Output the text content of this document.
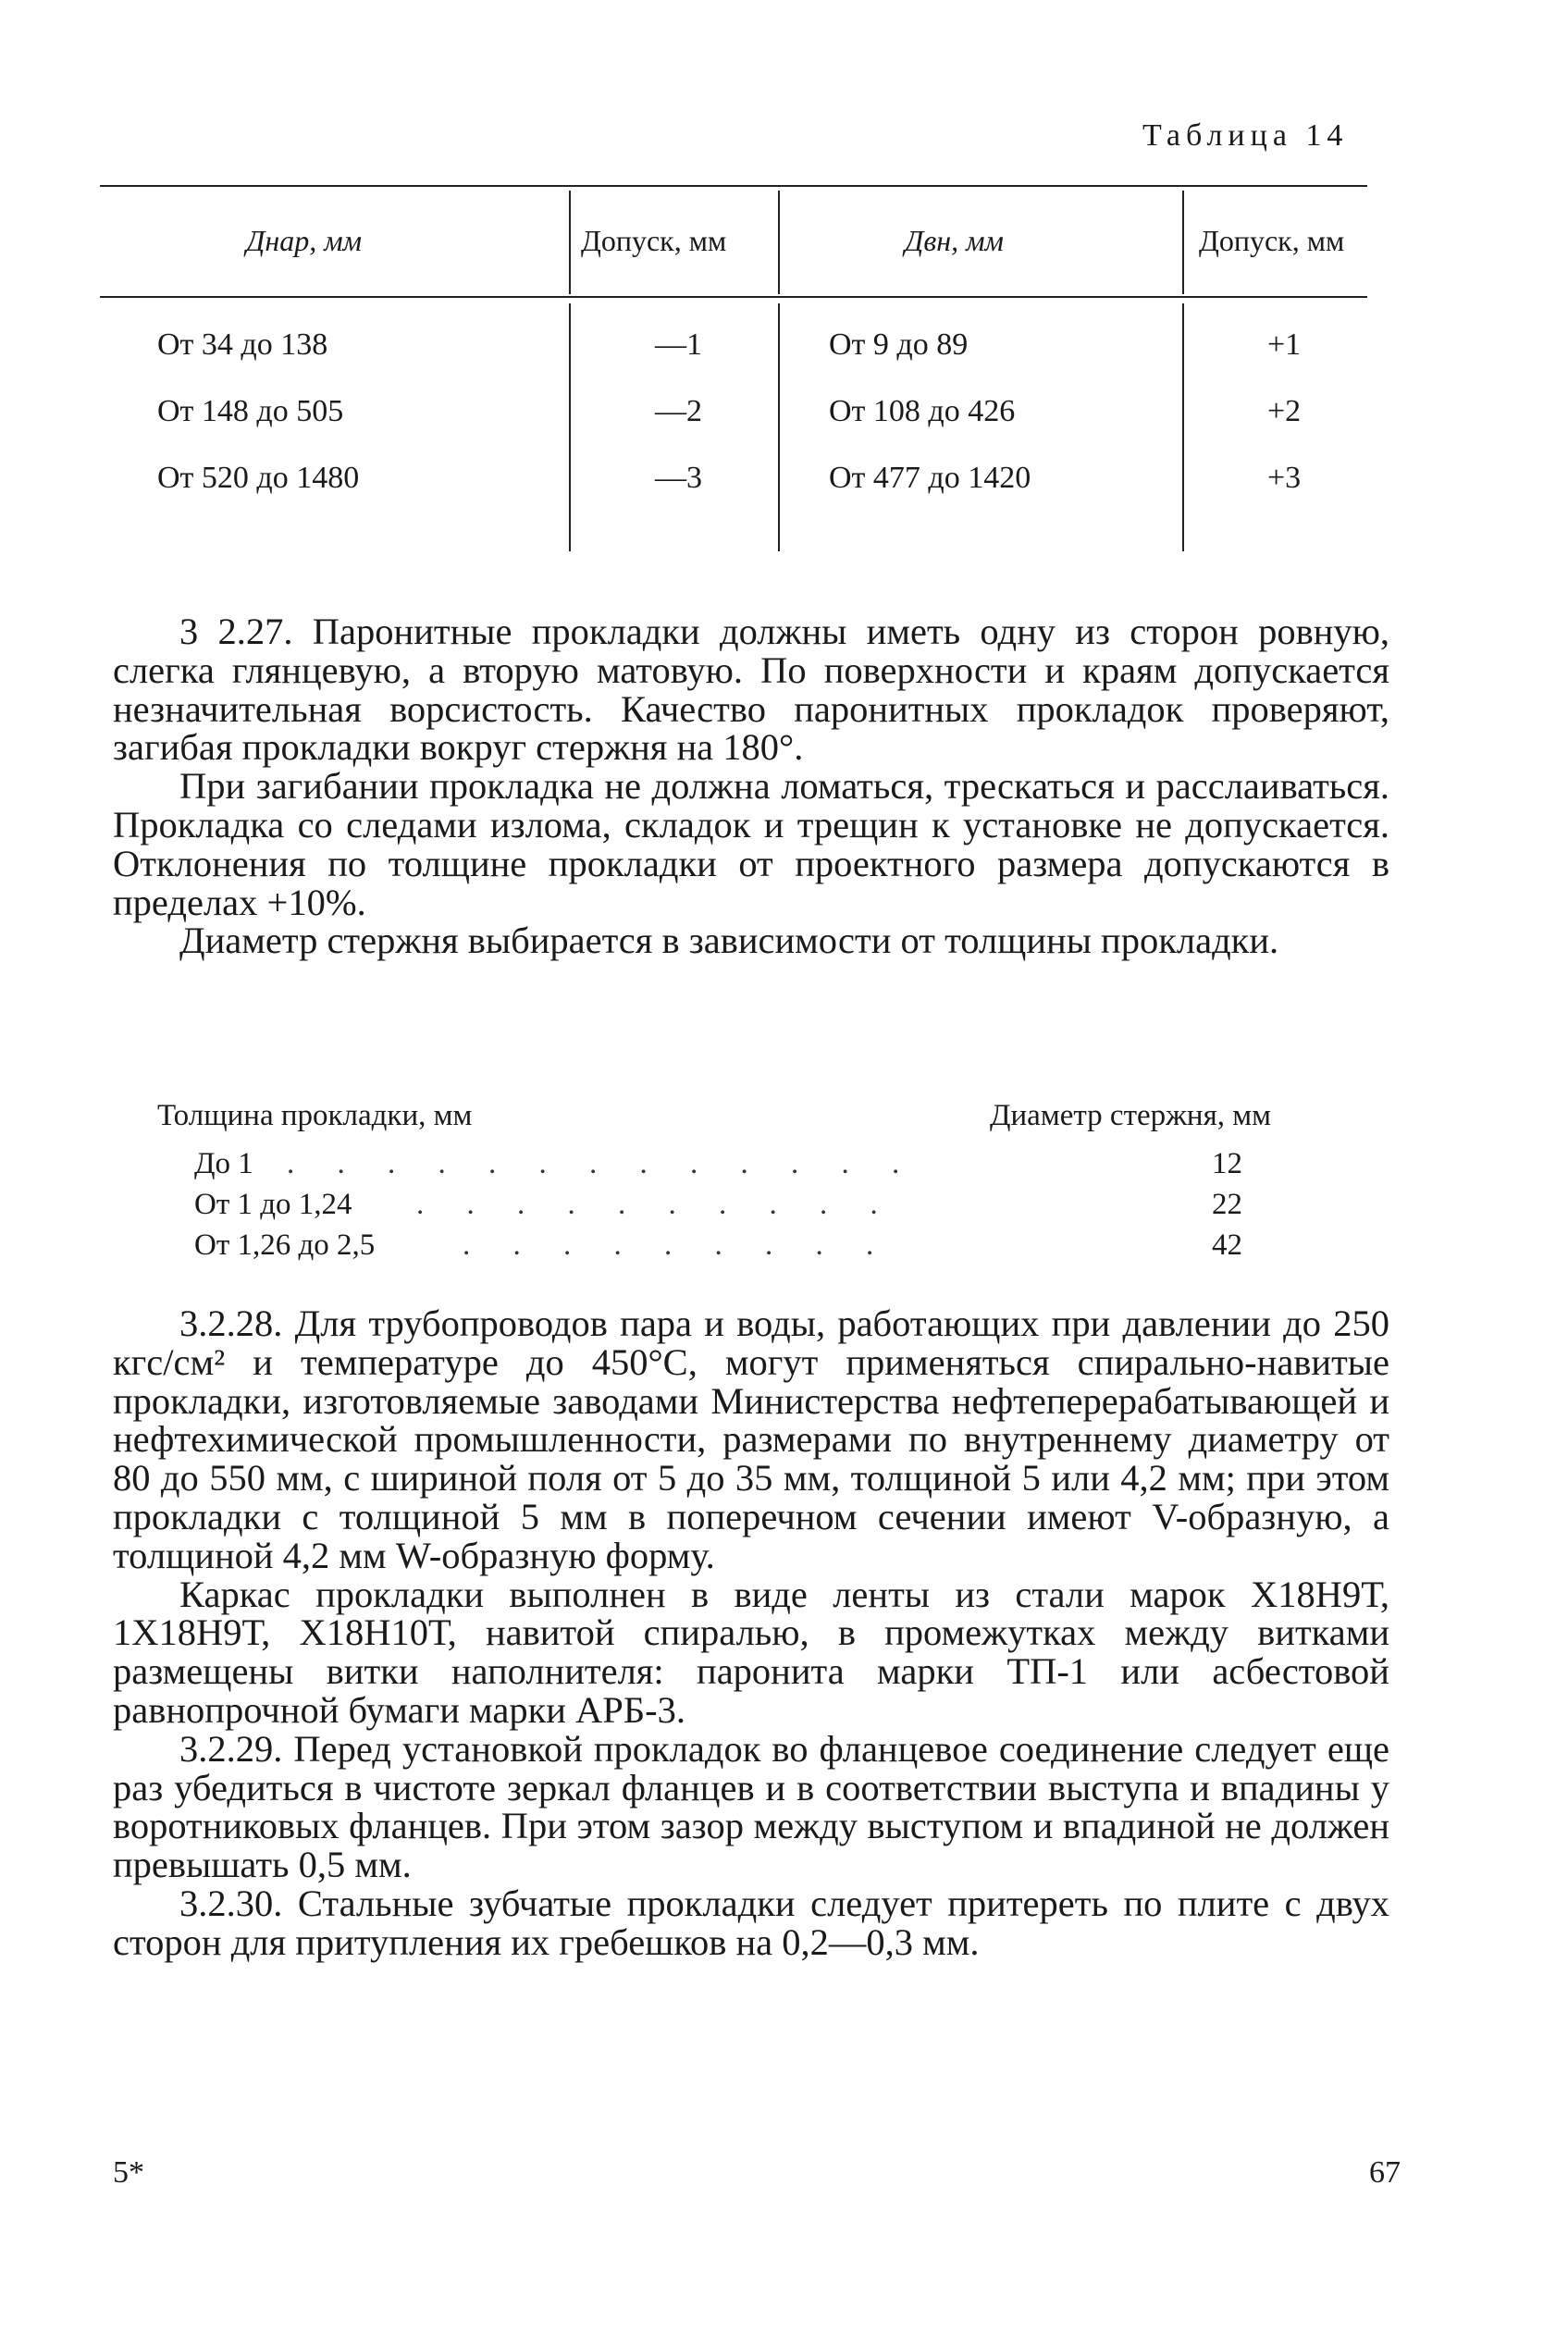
Таблица 14
Днар, мм	Допуск, мм	Двн, мм	Допуск, мм
От 34 до 138	—1	От 9 до 89	+1
От 148 до 505	—2	От 108 до 426	+2
От 520 до 1480	—3	От 477 до 1420	+3

3 2.27. Паронитные прокладки должны иметь одну из сторон ровную, слегка глянцевую, а вторую матовую. По поверхности и краям допускается незначительная ворсистость. Качество паронитных прокладок проверяют, загибая прокладки вокруг стержня на 180°.

При загибании прокладка не должна ломаться, трескаться и расслаиваться. Прокладка со следами излома, складок и трещин к установке не допускается. Отклонения по толщине прокладки от проектного размера допускаются в пределах +10%.

Диаметр стержня выбирается в зависимости от толщины прокладки.

Толщина прокладки, мм	Диаметр стержня, мм
До 1 . . . . . . . . . . . . .	12
От 1 до 1,24 . . . . . . . . . .	22
От 1,26 до 2,5	. . . . . . . . .	42

3.2.28. Для трубопроводов пара и воды, работающих при давлении до 250 кгс/см² и температуре до 450°С, могут применяться спирально-навитые прокладки, изготовляемые заводами Министерства нефтеперерабатывающей и нефтехимической промышленности, размерами по внутреннему диаметру от 80 до 550 мм, с шириной поля от 5 до 35 мм, толщиной 5 или 4,2 мм; при этом прокладки с толщиной 5 мм в поперечном сечении имеют V-образную, а толщиной 4,2 мм W-образную форму.

Каркас прокладки выполнен в виде ленты из стали марок Х18Н9Т, 1Х18Н9Т, Х18Н10Т, навитой спиралью, в промежутках между витками размещены витки наполнителя: паронита марки ТП-1 или асбестовой равнопрочной бумаги марки АРБ-3.

3.2.29. Перед установкой прокладок во фланцевое соединение следует еще раз убедиться в чистоте зеркал фланцев и в соответствии выступа и впадины у воротниковых фланцев. При этом зазор между выступом и впадиной не должен превышать 0,5 мм.

3.2.30. Стальные зубчатые прокладки следует притереть по плите с двух сторон для притупления их гребешков на 0,2—0,3 мм.

5*	67
